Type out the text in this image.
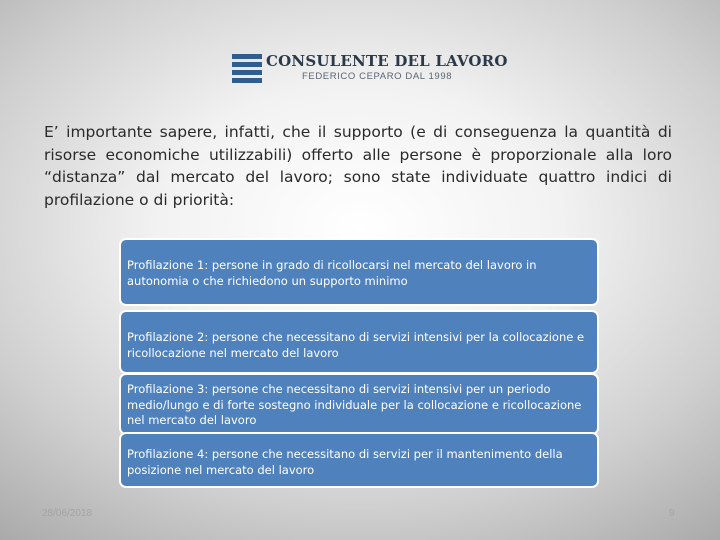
CONSULENTE DEL LAVORO
FEDERICO CEPARO DAL 1998
E’ importante sapere, infatti, che il supporto (e di conseguenza la quantità di risorse economiche utilizzabili) offerto alle persone è proporzionale alla loro “distanza” dal mercato del lavoro; sono state individuate quattro indici di profilazione o di priorità:
Profilazione 1: persone in grado di ricollocarsi nel mercato del lavoro in autonomia o che richiedono un supporto minimo
Profilazione 2: persone che necessitano di servizi intensivi per la collocazione e ricollocazione nel mercato del lavoro
Profilazione 3: persone che necessitano di servizi intensivi per un periodo medio/lungo e di forte sostegno individuale per la collocazione e ricollocazione nel mercato del lavoro
Profilazione 4: persone che necessitano di servizi per il mantenimento della posizione nel mercato del lavoro
28/06/2018	9
